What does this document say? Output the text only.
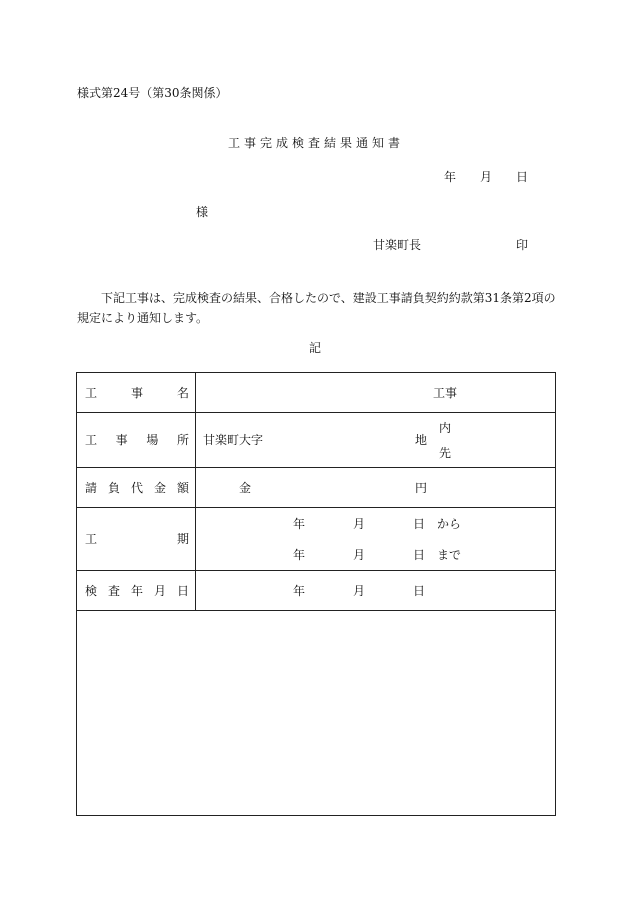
様式第24号（第30条関係）
工事完成検査結果通知書
年 月 日
様
甘楽町長	印
下記工事は、完成検査の結果、合格したので、建設工事請負契約約款第31条第2項の
規定により通知します。
記
工	事	名	工事
工 事 場 所 甘楽町大字	地
内
先
請 負 代 金 額	金	円
工	期
年	月	日 から
年	月	日 まで
検 査 年 月 日	年	月	日
